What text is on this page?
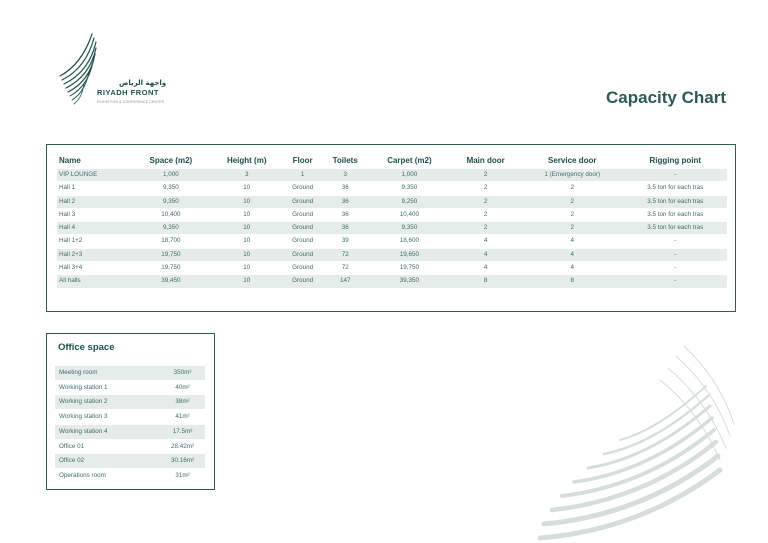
واجهة الرياض
RIYADH FRONT
EXHIBITION & CONFERENCE CENTER	Capacity Chart
Name	Space (m2)	Height (m)	Floor	Toilets	Carpet (m2)	Main door	Service door	Rigging point
VIP LOUNGE	1,000	3	1	3	1,000	2	1 (Emergency door)	-
Hall 1	9,350	10	Ground	36	9,350	2	2	3.5 ton for each tras
Hall 2	9,350	10	Ground	36	9,250	2	2	3.5 ton for each tras
Hall 3	10,400	10	Ground	36	10,400	2	2	3.5 ton for each tras
Hall 4	9,350	10	Ground	36	9,350	2	2	3.5 ton for each tras
Hall 1+2	18,700	10	Ground	39	18,600	4	4	-
Hall 2+3	19,750	10	Ground	72	19,650	4	4	-
Hall 3+4	19,750	10	Ground	72	19,750	4	4	-
All halls	39,450	10	Ground	147	39,350	8	8	-
Office space
Meeting room	350m²
Working station 1	40m²
Working station 2	38m²
Working station 3	41m²
Working station 4	17.5m²
Office 01	28.42m²
Office 02	30.16m²
Operations room	31m²
